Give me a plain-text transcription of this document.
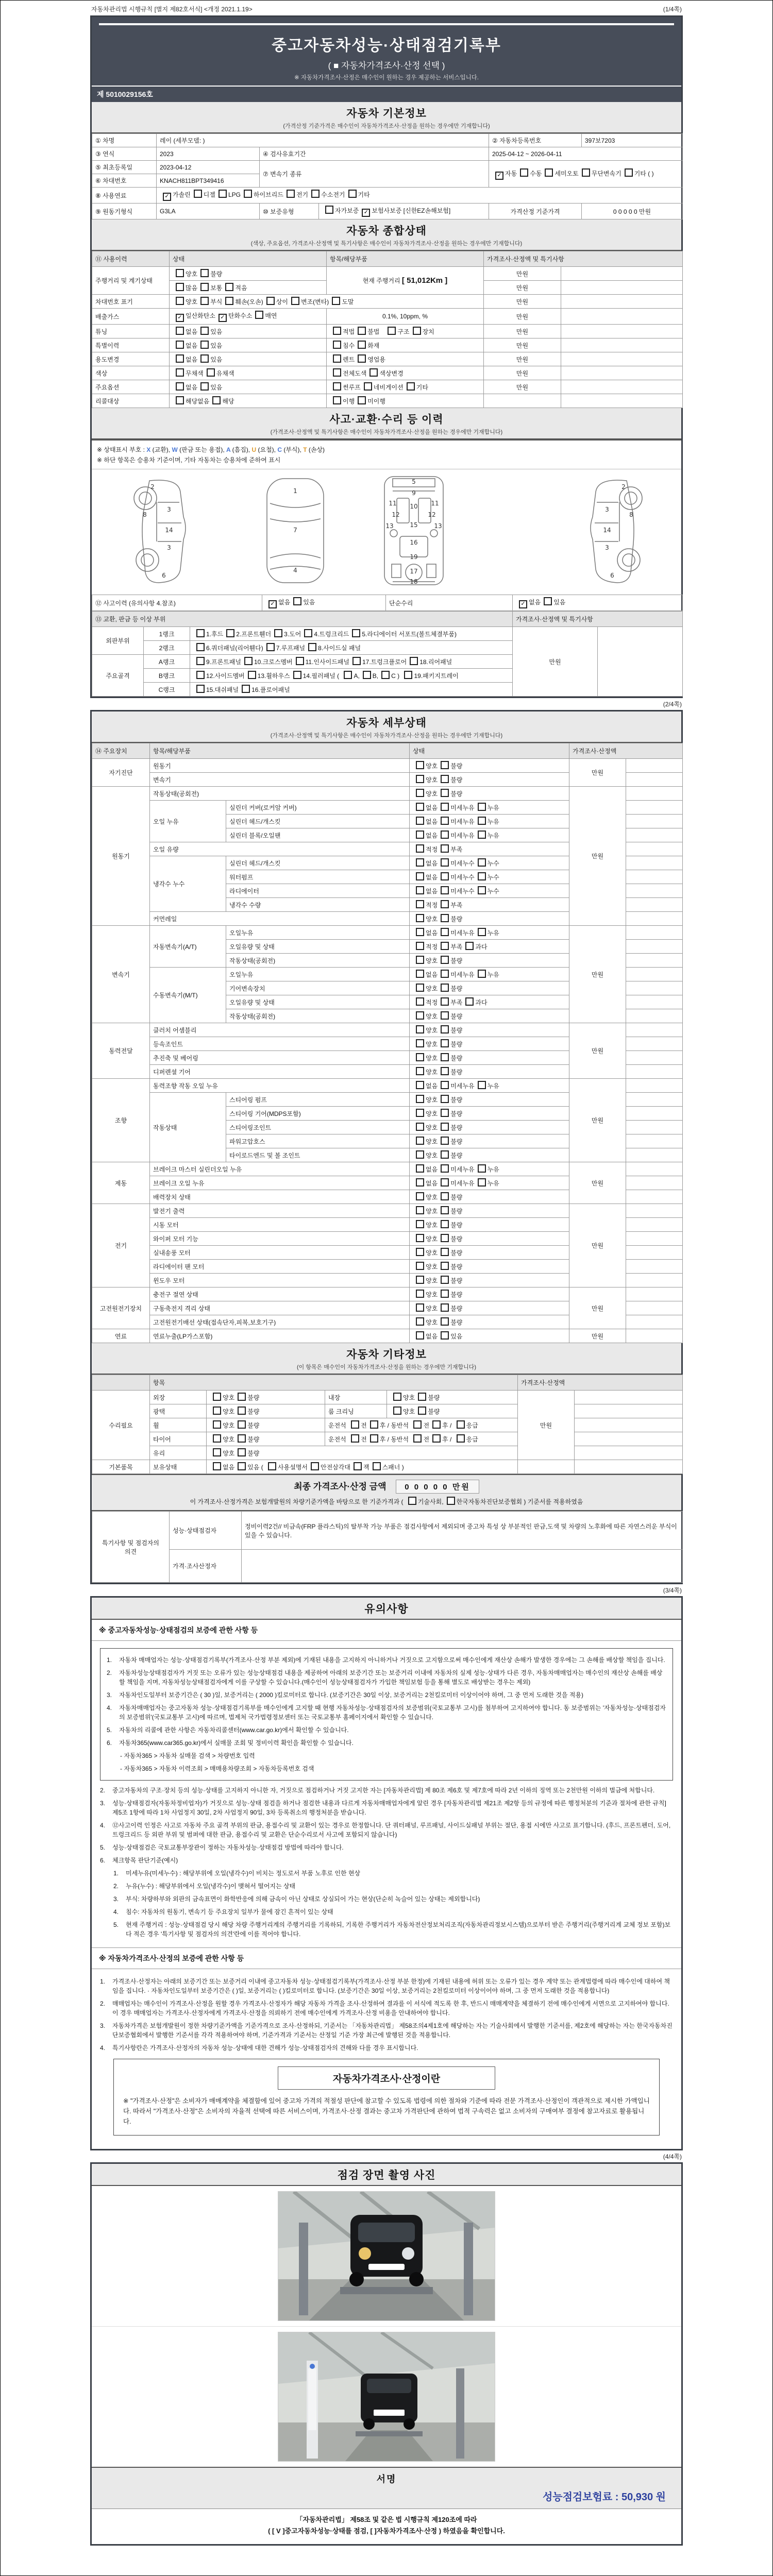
자동차관리법 시행규칙 [별지 제82호서식] <개정 2021.1.19>	(1/4쪽)
중고자동차성능·상태점검기록부
( ■ 자동차가격조사·산정 선택 )
※ 자동차가격조사·산정은 매수인이 원하는 경우 제공하는 서비스입니다.
제 5010029156호
자동차 기본정보
(가격산정 기준가격은 매수인이 자동차가격조사·산정을 원하는 경우에만 기재합니다)
① 차명	레이 (세부모델: )			② 자동차등록번호	397보7203
③ 연식	2023	④ 검사유효기간		2025-04-12 ~ 2026-04-11	
⑤ 최초등록일	2023-04-12	⑦ 변속기 종류		✓ 자동 수동 세미오토 무단변속기 기타 ( )	
⑥ 차대번호	KNACH811BPT349416				
⑧ 사용연료	✓ 가솔린 디젤 LPG 하이브리드 전기 수소전기 기타				
⑨ 원동기형식	G3LA	⑩ 보증유형	자가보증 ✓ 보험사보증 [신한EZ손해보험]	가격산정 기준가격	0 0 0 0 0 만원
자동차 종합상태
(색상, 주요옵션, 가격조사·산정액 및 특기사항은 매수인이 자동차가격조사·산정을 원하는 경우에만 기재합니다)
⑪ 사용이력	상태	항목/해당부품	가격조사·산정액 및 특기사항	
주행거리 및 계기상태	양호 불량	현재 주행거리 [ 51,012Km ]	만원	
	많음 보통 적음		만원	
차대번호 표기	양호 부식 훼손(오손) 상이 변조(변타) 도말		만원	
배출가스	✓ 일산화탄소 ✓ 탄화수소 매연	0.1%, 10ppm, %	만원	
튜닝	없음 있음	적법 불법 구조 장치	만원	
특별이력	없음 있음	침수 화재	만원	
용도변경	없음 있음	렌트 영업용	만원	
색상	무채색 유채색	전체도색 색상변경	만원	
주요옵션	없음 있음	썬루프 네비게이션 기타	만원	
리콜대상	해당없음 해당	이행 미이행		
사고·교환·수리 등 이력
(가격조사·산정액 및 특기사항은 매수인이 자동차가격조사·산정을 원하는 경우에만 기재합니다)
※ 상태표시 부호 : X (교환), W (판금 또는 용접), A (흠집), U (요철), C (부식), T (손상)
※ 하단 항목은 승용차 기준이며, 기타 자동차는 승용차에 준하여 표시
2
8
3
14
3
6
1
7
4
5
9
11	11
12	12
13	13
10
15
16
19
17
18
2
8
3
14
3
6
⑫ 사고이력 (유의사항 4.참조)	✓ 없음 있음	단순수리	✓ 없음 있음
⑬ 교환, 판금 등 이상 부위			가격조사·산정액 및 특기사항	
외판부위	1랭크	1.후드 2.프론트휀더 3.도어 4.트렁크리드 5.라디에이터 서포트(볼트체결부품)	만원	
	2랭크	6.쿼더패널(리어휀다) 7.루프패널 8.사이드실 패널		
주요골격	A랭크	9.프론트패널 10.크로스멤버 11.인사이드패널 17.트렁크플로어 18.리어패널		
	B랭크	12.사이드멤버 13.휠하우스 14.필러패널 ( A, B, C ) 19.패키지트레이		
	C랭크	15.대쉬패널 16.플로어패널		
(2/4쪽)
자동차 세부상태
(가격조사·산정액 및 특기사항은 매수인이 자동차가격조사·산정을 원하는 경우에만 기재합니다)
⑭ 주요장치	항목/해당부품		상태	가격조사·산정액	
자기진단	원동기		양호 불량	만원	
	변속기		양호 불량		
원동기	작동상태(공회전)		양호 불량	만원	
	오일 누유	실린더 커버(로커암 커버)	없음 미세누유 누유		
		실린더 헤드/개스킷	없음 미세누유 누유		
		실린더 블록/오일팬	없음 미세누유 누유		
	오일 유량		적정 부족		
	냉각수 누수	실린더 헤드/개스킷	없음 미세누수 누수		
		워터펌프	없음 미세누수 누수		
		라디에이터	없음 미세누수 누수		
		냉각수 수량	적정 부족		
	커먼레일		양호 불량		
변속기	자동변속기(A/T)	오일누유	없음 미세누유 누유	만원	
		오일유량 및 상태	적정 부족 과다		
		작동상태(공회전)	양호 불량		
	수동변속기(M/T)	오일누유	없음 미세누유 누유		
		기어변속장치	양호 불량		
		오일유량 및 상태	적정 부족 과다		
		작동상태(공회전)	양호 불량		
동력전달	클러치 어셈블리		양호 불량	만원	
	등속조인트		양호 불량		
	추진축 및 베어링		양호 불량		
	디퍼렌셜 기어		양호 불량		
조향	동력조향 작동 오일 누유		없음 미세누유 누유	만원	
	작동상태	스티어링 펌프	양호 불량		
		스티어링 기어(MDPS포함)	양호 불량		
		스티어링조인트	양호 불량		
		파워고압호스	양호 불량		
		타이로드엔드 및 볼 조인트	양호 불량		
제동	브레이크 마스터 실린더오일 누유		없음 미세누유 누유	만원	
	브레이크 오일 누유		없음 미세누유 누유		
	배력장치 상태		양호 불량		
전기	발전기 출력		양호 불량	만원	
	시동 모터		양호 불량		
	와이퍼 모터 기능		양호 불량		
	실내송풍 모터		양호 불량		
	라디에이터 팬 모터		양호 불량		
	윈도우 모터		양호 불량		
고전원전기장치	충전구 절연 상태		양호 불량	만원	
	구동축전지 격리 상태		양호 불량		
	고전원전기배선 상태(접속단자,피복,보호기구)		양호 불량		
연료	연료누출(LP가스포함)		없음 있음	만원	
자동차 기타정보
(이 항목은 매수인이 자동차가격조사·산정을 원하는 경우에만 기재합니다)
	항목				가격조사·산정액	
수리필요	외장	양호 불량	내장	양호 불량	만원	
	광택	양호 불량	룸 크리닝	양호 불량		
	휠	양호 불량	운전석 전 후 / 동반석 전 후 / 응급			
	타이어	양호 불량	운전석 전 후 / 동반석 전 후 / 응급			
	유리	양호 불량				
기본품목	보유상태	없음 있음 ( 사용설명서 안전삼각대 잭 스패너 )				
최종 가격조사·산정 금액 0 0 0 0 0 만원
이 가격조사·산정가격은 보험개발원의 차량기준가액을 바탕으로 한 기준가격과 ( 기술사회, 한국자동차진단보증협회 ) 기준서를 적용하였음
특기사항 및 점검자의 의견	성능·상태점검자	정비이력2건// 비금속(FRP 플라스틱)의 탈부착 가능 부품은 점검사항에서 제외되며 중고차 특성 상 부분적인 판금,도색 및 차량의 노후화에 따른 자연스러운 부식이 있을 수 있습니다.
	가격·조사산정자	
(3/4쪽)
유의사항
※ 중고자동차성능·상태점검의 보증에 관한 사항 등
1.	자동차 매매업자는 성능·상태점검기록부(가격조사·산정 부분 제외)에 기재된 내용을 고지하지 아니하거나 거짓으로 고지함으로써 매수인에게 재산상 손해가 발생한 경우에는 그 손해를 배상할 책임을 집니다.
2.	자동차성능상태점검자가 거짓 또는 오류가 있는 성능상태점검 내용을 제공하여 아래의 보증기간 또는 보증거리 이내에 자동차의 실제 성능·상태가 다른 경우, 자동차매매업자는 매수인의 재산상 손해를 배상할 책임을 지며, 자동차성능상태점검자에게 이를 구상할 수 있습니다.(매수인이 성능상태점검자가 가입한 책임보험 등을 통해 별도로 배상받는 경우는 제외)
3.	자동차인도일부터 보증기간은 ( 30 )일, 보증거리는 ( 2000 )킬로미터로 합니다. (보증기간은 30일 이상, 보증거리는 2천킬로미터 이상이어야 하며, 그 중 먼저 도래한 것을 적용)
4.	자동차매매업자는 중고자동차 성능·상태점검기록부를 매수인에게 고지할 때 현행 자동차성능·상태점검자의 보증범위(국토교통부 고시)를 첨부하여 고지하여야 합니다. 동 보증범위는 '자동차성능·상태점검자의 보증범위'(국토교통부 고시)에 따르며, 법제처 국가법령정보센터 또는 국토교통부 홈페이지에서 확인할 수 있습니다.
5.	자동차의 리콜에 관한 사항은 자동차리콜센터(www.car.go.kr)에서 확인할 수 있습니다.
6.	자동차365(www.car365.go.kr)에서 실매물 조회 및 정비이력 확인을 확인할 수 있습니다.
- 자동차365 > 자동차 실매물 검색 > 차량번호 입력
- 자동차365 > 자동차 이력조회 > 매매용차량조회 > 자동차등록번호 검색
2.	중고자동차의 구조·장치 등의 성능·상태를 고지하지 아니한 자, 거짓으로 점검하거나 거짓 고지한 자는 [자동차관리법] 제 80조 제6호 및 제7호에 따라 2년 이하의 징역 또는 2천만원 이하의 벌금에 처합니다.
3.	성능·상태점검자(자동차정비업자)가 거짓으로 성능·상태 점검을 하거나 점검한 내용과 다르게 자동차매매업자에게 알린 경우 [자동차관리법 제21조 제2항 등의 규정에 따른 행정처분의 기준과 절차에 관한 규칙] 제5조 1항에 따라 1차 사업정지 30일, 2차 사업정지 90일, 3차 등록취소의 행정처분을 받습니다.
4.	⑫사고이력 인정은 사고로 자동차 주요 골격 부위의 판금, 용접수리 및 교환이 있는 경우로 한정합니다. 단 쿼터패널, 루프패널, 사이드실패널 부위는 절단, 용접 시에만 사고로 표기합니다. (후드, 프론트펜더, 도어, 트렁크리드 등 외판 부위 및 범퍼에 대한 판금, 용접수리 및 교환은 단순수리로서 사고에 포함되지 않습니다)
5.	성능·상태점검은 국토교통부장관이 정하는 자동차성능·상태점검 방법에 따라야 합니다.
6.	체크항목 판단기준(예시)
1.	미세누유(미세누수) : 해당부위에 오일(냉각수)이 비치는 정도로서 부품 노후로 인한 현상
2.	누유(누수) : 해당부위에서 오일(냉각수)이 맺혀서 떨어지는 상태
3.	부식: 차량하부와 외판의 금속표면이 화학반응에 의해 금속이 아닌 상태로 상실되어 가는 현상(단순히 녹슬어 있는 상태는 제외합니다)
4.	침수: 자동차의 원동기, 변속기 등 주요장치 일부가 물에 잠긴 흔적이 있는 상태
5.	현재 주행거리 : 성능·상태점검 당시 해당 차량 주행거리계의 주행거리를 기록하되, 기록한 주행거리가 자동차전산정보처리조직(자동차관리정보시스템)으로부터 받은 주행거리(주행거리계 교체 정보 포함)보다 적은 경우 '특기사항 및 점검자의 의견'란에 이를 적어야 합니다.
※ 자동차가격조사·산정의 보증에 관한 사항 등
1.	가격조사·산정자는 아래의 보증기간 또는 보증거리 이내에 중고자동차 성능·상태점검기록부(가격조사·산정 부분 한정)에 기재된 내용에 허위 또는 오류가 있는 경우 계약 또는 관계법령에 따라 매수인에 대하여 책임을 집니다. · 자동차인도일부터 보증기간은 ( )일, 보증거리는 ( )킬로미터로 합니다. (보증기간은 30일 이상, 보증거리는 2천킬로미터 이상이어야 하며, 그 중 먼저 도래한 것을 적용합니다)
2.	매매업자는 매수인이 가격조사·산정을 원할 경우 가격조사·산정자가 해당 자동차 가격을 조사·산정하여 결과를 이 서식에 적도록 한 후, 반드시 매매계약을 체결하기 전에 매수인에게 서면으로 고지하여야 합니다. 이 경우 매매업자는 가격조사·산정자에게 가격조사·산정을 의뢰하기 전에 매수인에게 가격조사·산정 비용을 안내하여야 합니다.
3.	자동차가격은 보험개발원이 정한 차량기준가액을 기준가격으로 조사·산정하되, 기준서는 「자동차관리법」 제58조의4제1호에 해당하는 자는 기술사회에서 발행한 기준서를, 제2호에 해당하는 자는 한국자동차진단보증협회에서 발행한 기준서를 각각 적용하여야 하며, 기준가격과 기준서는 산정일 기준 가장 최근에 발행된 것을 적용합니다.
4.	특기사항란은 가격조사·산정자의 자동차 성능·상태에 대한 견해가 성능·상태점검자의 견해와 다를 경우 표시합니다.
자동차가격조사·산정이란
※ "가격조사·산정"은 소비자가 매매계약을 체결함에 있어 중고차 가격의 적절성 판단에 참고할 수 있도록 법령에 의한 절차와 기준에 따라 전문 가격조사·산정인이 객관적으로 제시한 가액입니다. 따라서 "가격조사·산정"은 소비자의 자율적 선택에 따른 서비스이며, 가격조사·산정 결과는 중고차 가격판단에 관하여 법적 구속력은 없고 소비자의 구매여부 결정에 참고자료로 활용됩니다.
(4/4쪽)
점검 장면 촬영 사진
서명
성능점검보험료 : 50,930 원
「자동차관리법」 제58조 및 같은 법 시행규칙 제120조에 따라
( [ V ]중고자동차성능·상태를 점검, [ ]자동차가격조사·산정 ) 하였음을 확인합니다.
